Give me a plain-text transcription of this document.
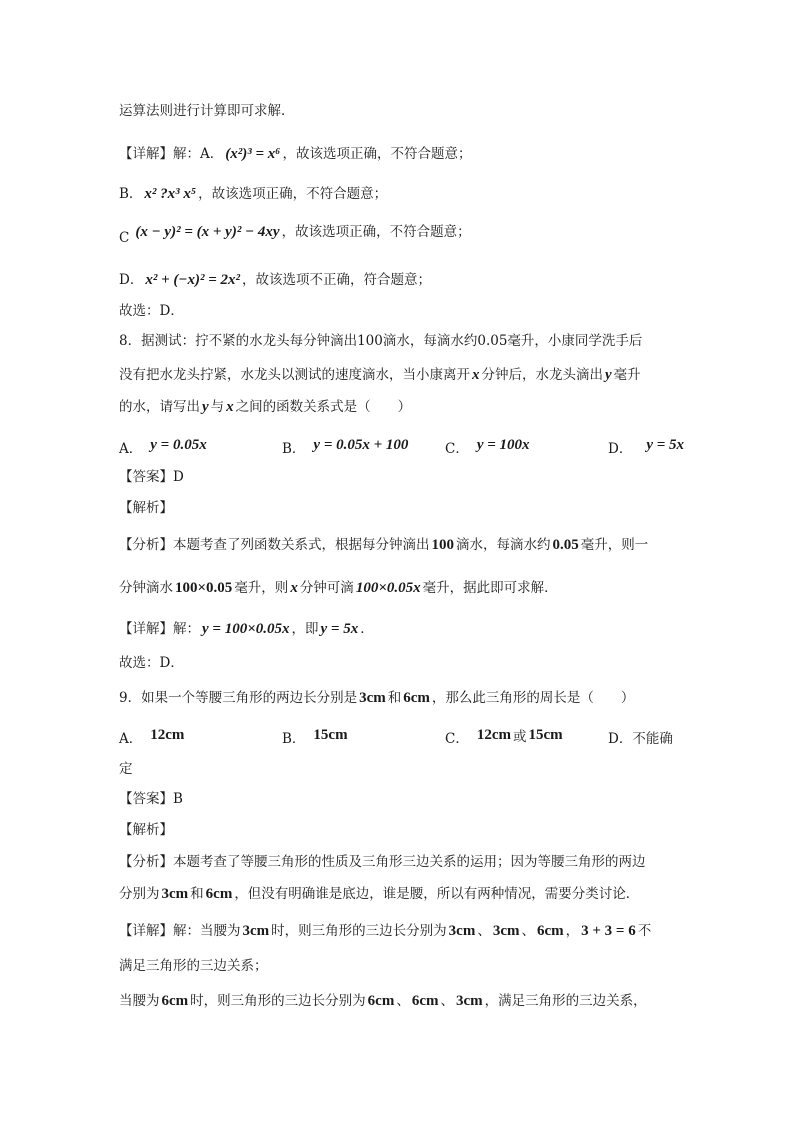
运算法则进行计算即可求解．
【详解】解：A． (x²)³ = x⁶ ，故该选项正确，不符合题意；
B． x² ?x³ x⁵ ，故该选项正确，不符合题意；
C (x − y)² = (x + y)² − 4xy ，故该选项正确，不符合题意；
D． x² + (−x)² = 2x² ，故该选项不正确，符合题意；
故选：D．
8．据测试：拧不紧的水龙头每分钟滴出100滴水，每滴水约0.05毫升，小康同学洗手后
没有把水龙头拧紧，水龙头以测试的速度滴水，当小康离开 x 分钟后，水龙头滴出 y 毫升
的水，请写出 y 与 x 之间的函数关系式是（　　）
A． y = 0.05x	B． y = 0.05x + 100	C． y = 100x	D． y = 5x
【答案】D
【解析】
【分析】本题考查了列函数关系式，根据每分钟滴出 100 滴水，每滴水约 0.05 毫升，则一
分钟滴水 100×0.05 毫升，则 x 分钟可滴 100×0.05x 毫升，据此即可求解．
【详解】解： y = 100×0.05x ，即 y = 5x ．
故选：D．
9．如果一个等腰三角形的两边长分别是 3cm 和 6cm ，那么此三角形的周长是（　　）
A． 12cm	B． 15cm	C． 12cm 或 15cm	D．不能确
定
【答案】B
【解析】
【分析】本题考查了等腰三角形的性质及三角形三边关系的运用；因为等腰三角形的两边
分别为 3cm 和 6cm ，但没有明确谁是底边，谁是腰，所以有两种情况，需要分类讨论．
【详解】解：当腰为 3cm 时，则三角形的三边长分别为 3cm 、 3cm 、 6cm ， 3 + 3 = 6 不
满足三角形的三边关系；
当腰为 6cm 时，则三角形的三边长分别为 6cm 、 6cm 、 3cm ，满足三角形的三边关系，
